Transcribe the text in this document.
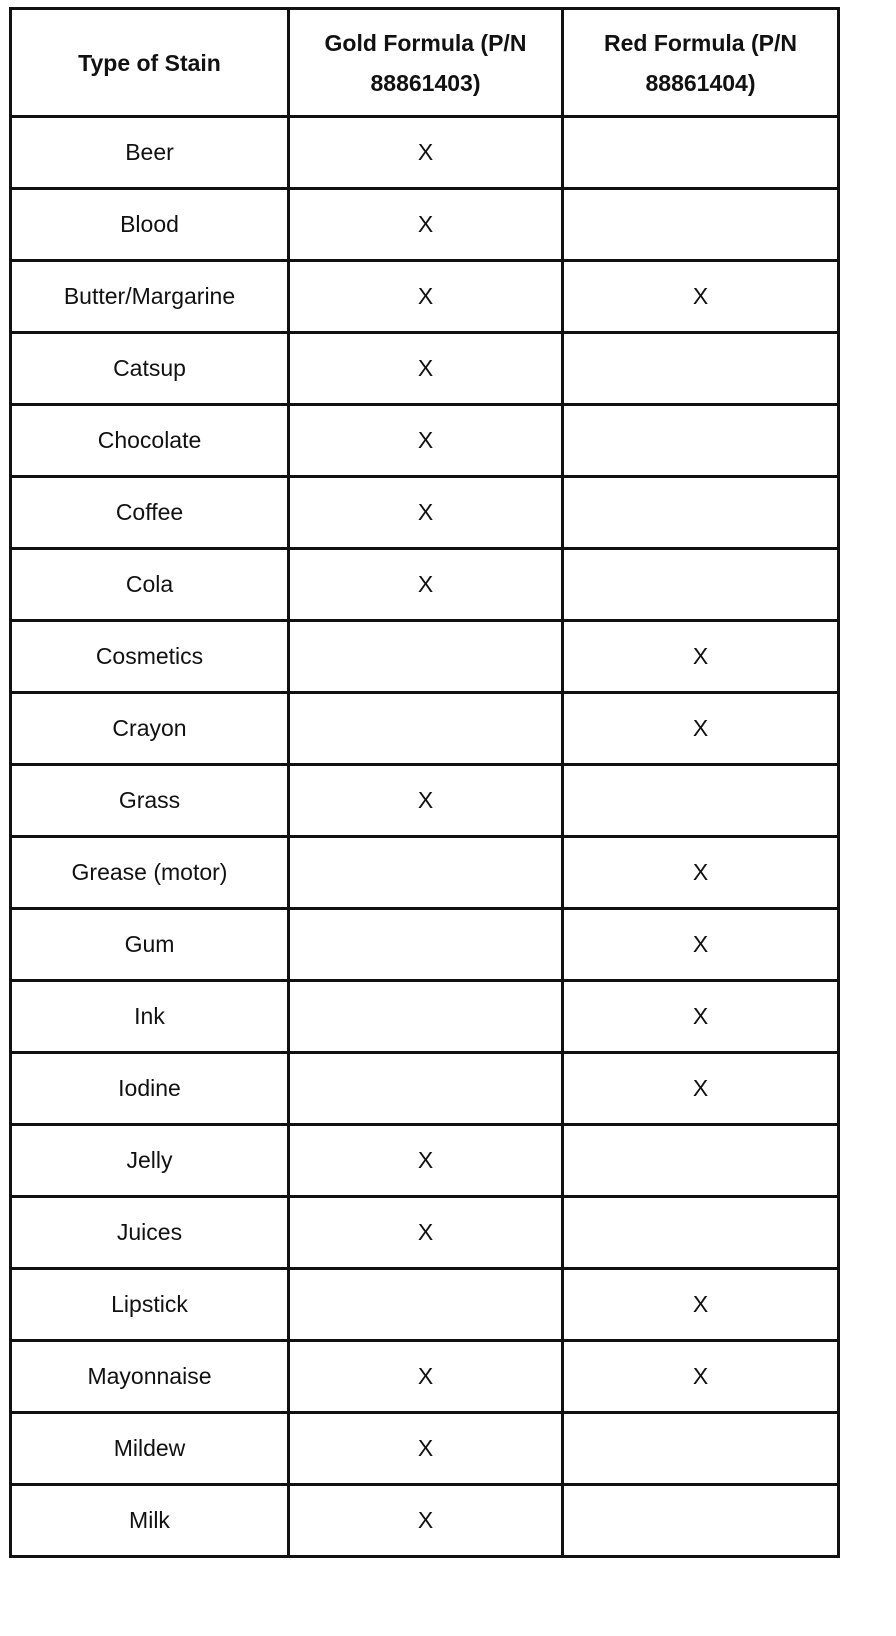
Type of Stain	Gold Formula (P/N 88861403)	Red Formula (P/N 88861404)
Beer	X	
Blood	X	
Butter/Margarine	X	X
Catsup	X	
Chocolate	X	
Coffee	X	
Cola	X	
Cosmetics		X
Crayon		X
Grass	X	
Grease (motor)		X
Gum		X
Ink		X
Iodine		X
Jelly	X	
Juices	X	
Lipstick		X
Mayonnaise	X	X
Mildew	X	
Milk	X	
